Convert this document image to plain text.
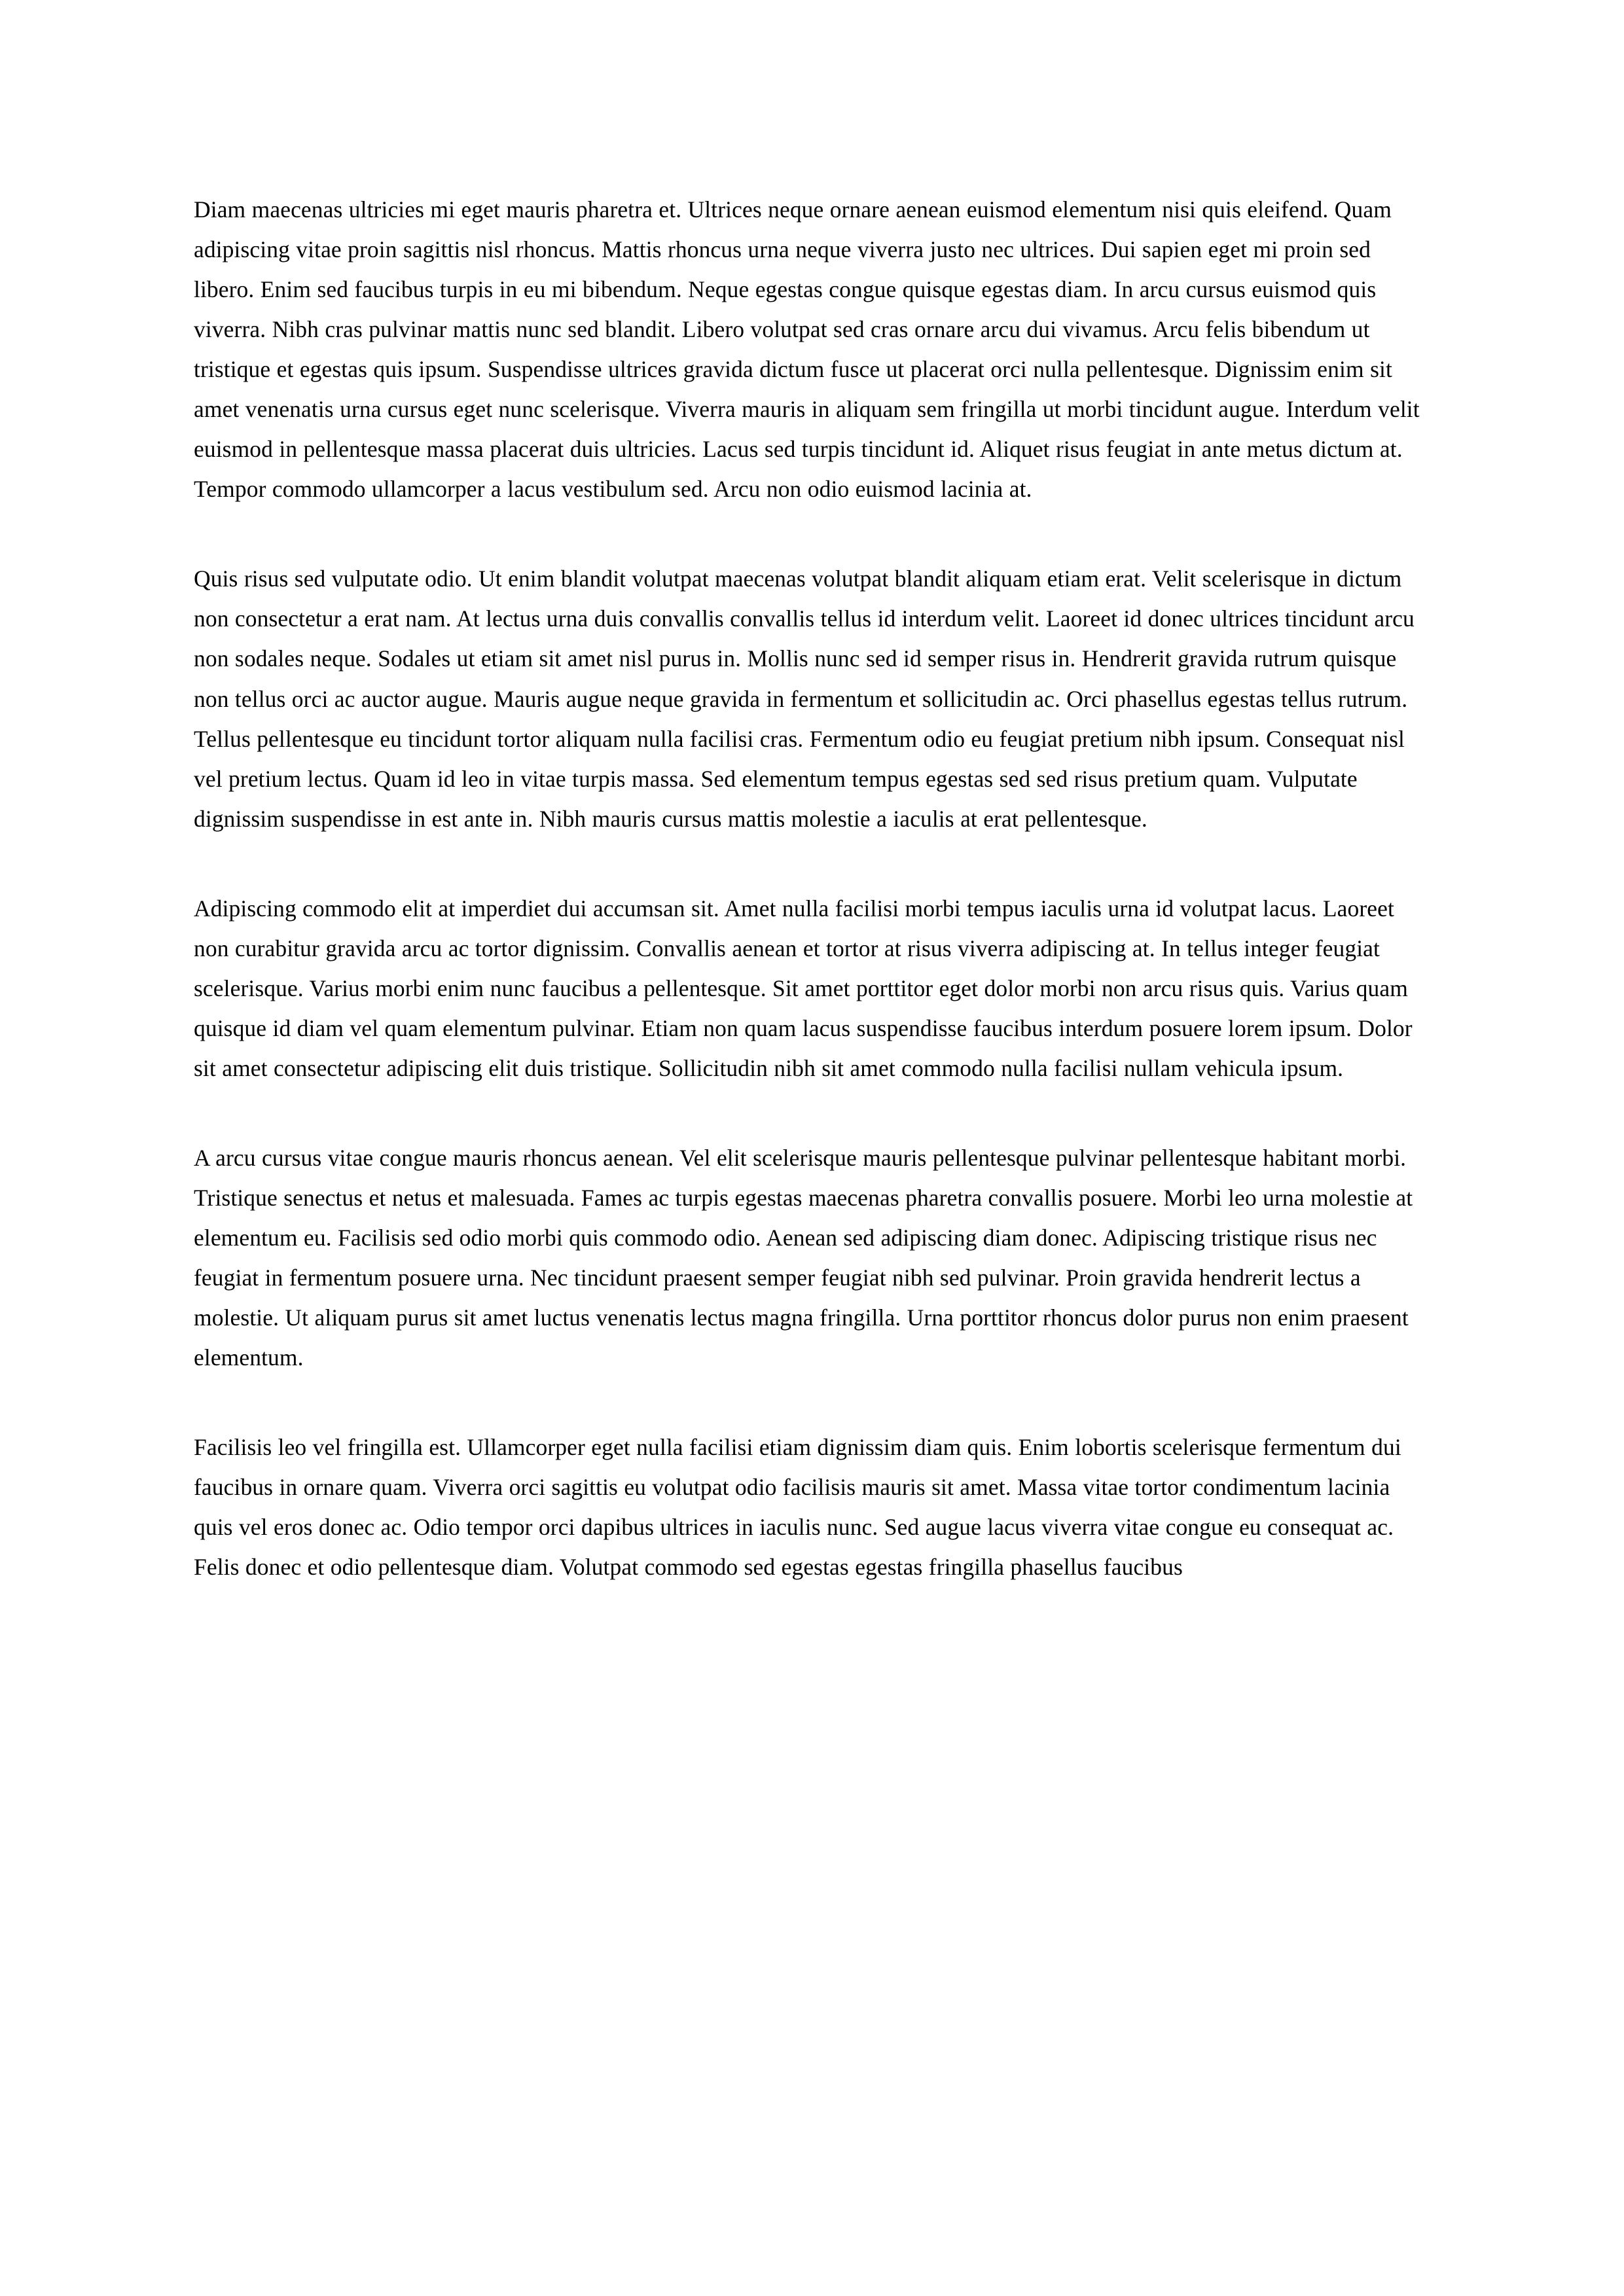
Diam maecenas ultricies mi eget mauris pharetra et. Ultrices neque ornare aenean euismod elementum nisi quis eleifend. Quam adipiscing vitae proin sagittis nisl rhoncus. Mattis rhoncus urna neque viverra justo nec ultrices. Dui sapien eget mi proin sed libero. Enim sed faucibus turpis in eu mi bibendum. Neque egestas congue quisque egestas diam. In arcu cursus euismod quis viverra. Nibh cras pulvinar mattis nunc sed blandit. Libero volutpat sed cras ornare arcu dui vivamus. Arcu felis bibendum ut tristique et egestas quis ipsum. Suspendisse ultrices gravida dictum fusce ut placerat orci nulla pellentesque. Dignissim enim sit amet venenatis urna cursus eget nunc scelerisque. Viverra mauris in aliquam sem fringilla ut morbi tincidunt augue. Interdum velit euismod in pellentesque massa placerat duis ultricies. Lacus sed turpis tincidunt id. Aliquet risus feugiat in ante metus dictum at. Tempor commodo ullamcorper a lacus vestibulum sed. Arcu non odio euismod lacinia at.

Quis risus sed vulputate odio. Ut enim blandit volutpat maecenas volutpat blandit aliquam etiam erat. Velit scelerisque in dictum non consectetur a erat nam. At lectus urna duis convallis convallis tellus id interdum velit. Laoreet id donec ultrices tincidunt arcu non sodales neque. Sodales ut etiam sit amet nisl purus in. Mollis nunc sed id semper risus in. Hendrerit gravida rutrum quisque non tellus orci ac auctor augue. Mauris augue neque gravida in fermentum et sollicitudin ac. Orci phasellus egestas tellus rutrum. Tellus pellentesque eu tincidunt tortor aliquam nulla facilisi cras. Fermentum odio eu feugiat pretium nibh ipsum. Consequat nisl vel pretium lectus. Quam id leo in vitae turpis massa. Sed elementum tempus egestas sed sed risus pretium quam. Vulputate dignissim suspendisse in est ante in. Nibh mauris cursus mattis molestie a iaculis at erat pellentesque.

Adipiscing commodo elit at imperdiet dui accumsan sit. Amet nulla facilisi morbi tempus iaculis urna id volutpat lacus. Laoreet non curabitur gravida arcu ac tortor dignissim. Convallis aenean et tortor at risus viverra adipiscing at. In tellus integer feugiat scelerisque. Varius morbi enim nunc faucibus a pellentesque. Sit amet porttitor eget dolor morbi non arcu risus quis. Varius quam quisque id diam vel quam elementum pulvinar. Etiam non quam lacus suspendisse faucibus interdum posuere lorem ipsum. Dolor sit amet consectetur adipiscing elit duis tristique. Sollicitudin nibh sit amet commodo nulla facilisi nullam vehicula ipsum.

A arcu cursus vitae congue mauris rhoncus aenean. Vel elit scelerisque mauris pellentesque pulvinar pellentesque habitant morbi. Tristique senectus et netus et malesuada. Fames ac turpis egestas maecenas pharetra convallis posuere. Morbi leo urna molestie at elementum eu. Facilisis sed odio morbi quis commodo odio. Aenean sed adipiscing diam donec. Adipiscing tristique risus nec feugiat in fermentum posuere urna. Nec tincidunt praesent semper feugiat nibh sed pulvinar. Proin gravida hendrerit lectus a molestie. Ut aliquam purus sit amet luctus venenatis lectus magna fringilla. Urna porttitor rhoncus dolor purus non enim praesent elementum.

Facilisis leo vel fringilla est. Ullamcorper eget nulla facilisi etiam dignissim diam quis. Enim lobortis scelerisque fermentum dui faucibus in ornare quam. Viverra orci sagittis eu volutpat odio facilisis mauris sit amet. Massa vitae tortor condimentum lacinia quis vel eros donec ac. Odio tempor orci dapibus ultrices in iaculis nunc. Sed augue lacus viverra vitae congue eu consequat ac. Felis donec et odio pellentesque diam. Volutpat commodo sed egestas egestas fringilla phasellus faucibus
